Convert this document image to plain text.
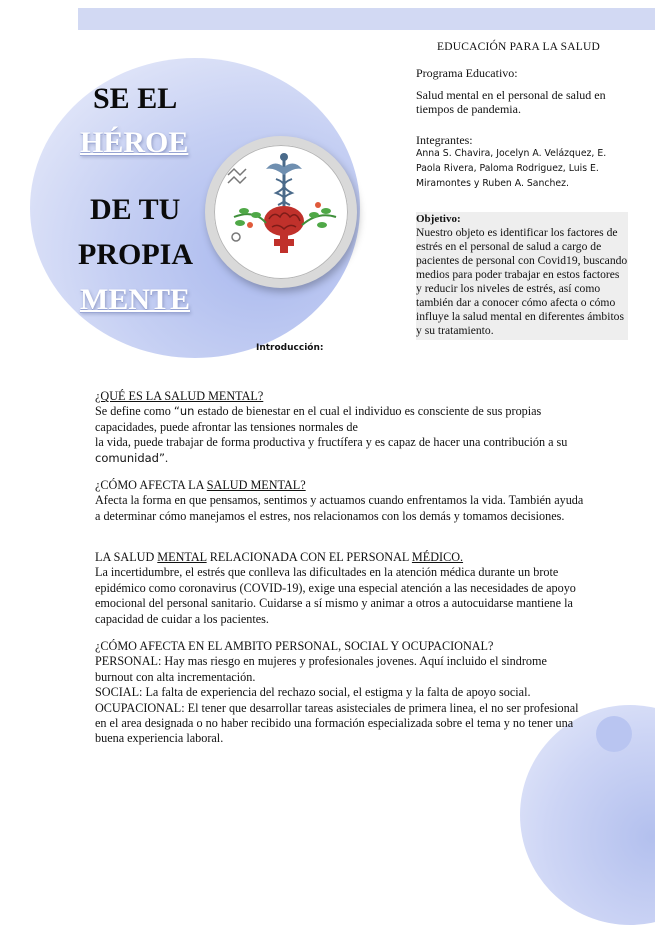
SE EL
HÉROE
DE TU
PROPIA
MENTE
Introducción:
EDUCACIÓN PARA LA SALUD
Programa Educativo:
Salud mental en el personal de salud en tiempos de pandemia.
Integrantes:
Anna S. Chavira, Jocelyn A. Velázquez, E. Paola Rivera, Paloma Rodriguez, Luis E. Miramontes y Ruben A. Sanchez.
Objetivo:
Nuestro objeto es identificar los factores de estrés en el personal de salud a cargo de pacientes de personal con Covid19, buscando medios para poder trabajar en estos factores y reducir los niveles de estrés, así como también dar a conocer cómo afecta o cómo influye la salud mental en diferentes ámbitos y su tratamiento.
¿QUÉ ES LA SALUD MENTAL?
Se define como “un estado de bienestar en el cual el individuo es consciente de sus propias capacidades, puede afrontar las tensiones normales de
la vida, puede trabajar de forma productiva y fructífera y es capaz de hacer una contribución a su comunidad”.
¿CÓMO AFECTA LA SALUD MENTAL?
Afecta la forma en que pensamos, sentimos y actuamos cuando enfrentamos la vida. También ayuda a determinar cómo manejamos el estres, nos relacionamos con los demás y tomamos decisiones.
LA SALUD MENTAL RELACIONADA CON EL PERSONAL MÉDICO.
La incertidumbre, el estrés que conlleva las dificultades en la atención médica durante un brote epidémico como coronavirus (COVID-19), exige una especial atención a las necesidades de apoyo emocional del personal sanitario. Cuidarse a sí mismo y animar a otros a autocuidarse mantiene la capacidad de cuidar a los pacientes.
¿CÓMO AFECTA EN EL AMBITO PERSONAL, SOCIAL Y OCUPACIONAL?
PERSONAL: Hay mas riesgo en mujeres y profesionales jovenes. Aquí incluido el sindrome burnout con alta incrementación.
SOCIAL: La falta de experiencia del rechazo social, el estigma y la falta de apoyo social.
OCUPACIONAL: El tener que desarrollar tareas asisteciales de primera linea, el no ser profesional en el area designada o no haber recibido una formación especializada sobre el tema y no tener una buena experiencia laboral.
